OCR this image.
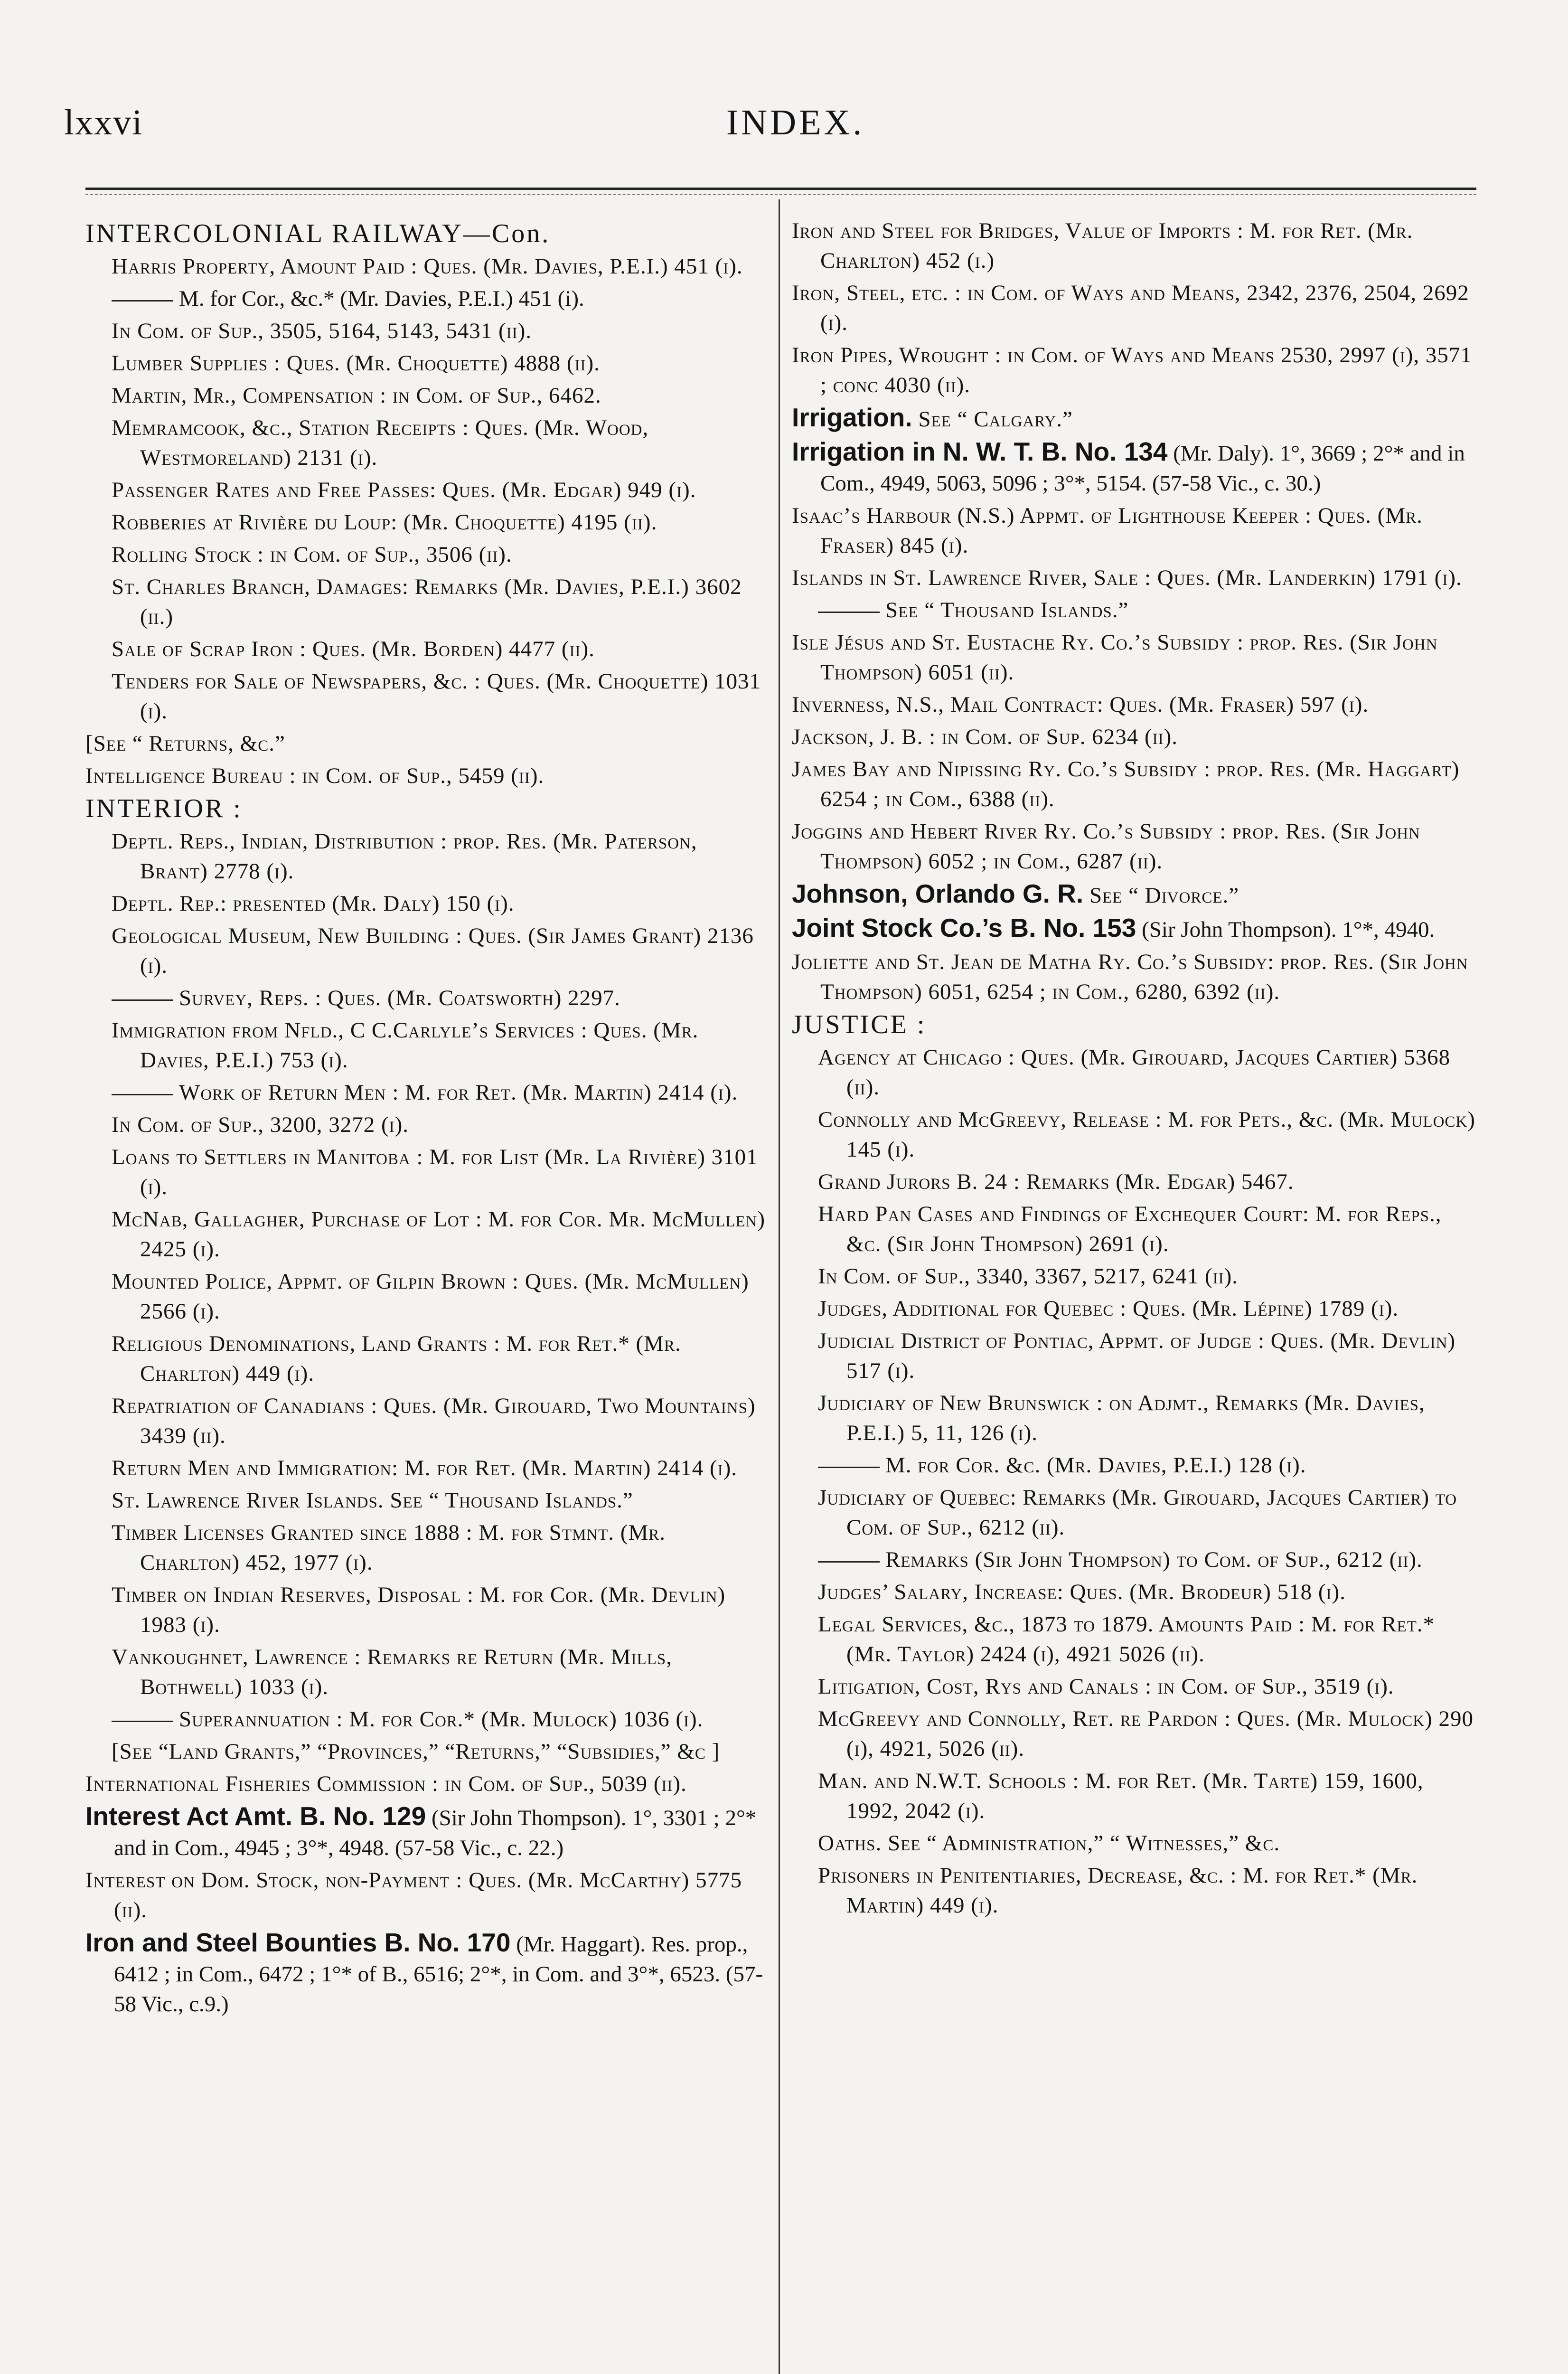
lxxvi	INDEX.

INTERCOLONIAL RAILWAY—Con.

Harris Property, Amount Paid : Ques. (Mr. Davies, P.E.I.) 451 (i).

M. for Cor., &c.* (Mr. Davies, P.E.I.) 451 (i).

In Com. of Sup., 3505, 5164, 5143, 5431 (ii).

Lumber Supplies : Ques. (Mr. Choquette) 4888 (ii).

Martin, Mr., Compensation : in Com. of Sup., 6462.

Memramcook, &c., Station Receipts : Ques. (Mr. Wood, Westmoreland) 2131 (i).

Passenger Rates and Free Passes: Ques. (Mr. Edgar) 949 (i).

Robberies at Rivière du Loup: (Mr. Choquette) 4195 (ii).

Rolling Stock : in Com. of Sup., 3506 (ii).

St. Charles Branch, Damages: Remarks (Mr. Davies, P.E.I.) 3602 (ii.)

Sale of Scrap Iron : Ques. (Mr. Borden) 4477 (ii).

Tenders for Sale of Newspapers, &c. : Ques. (Mr. Choquette) 1031 (i).

[See “ Returns, &c.”

Intelligence Bureau : in Com. of Sup., 5459 (ii).

INTERIOR :

Deptl. Reps., Indian, Distribution : prop. Res. (Mr. Paterson, Brant) 2778 (i).

Deptl. Rep.: presented (Mr. Daly) 150 (i).

Geological Museum, New Building : Ques. (Sir James Grant) 2136 (i).

Survey, Reps. : Ques. (Mr. Coatsworth) 2297.

Immigration from Nfld., C C.Carlyle’s Services : Ques. (Mr. Davies, P.E.I.) 753 (i).

Work of Return Men : M. for Ret. (Mr. Martin) 2414 (i).

In Com. of Sup., 3200, 3272 (i).

Loans to Settlers in Manitoba : M. for List (Mr. La Rivière) 3101 (i).

McNab, Gallagher, Purchase of Lot : M. for Cor. Mr. McMullen) 2425 (i).

Mounted Police, Appmt. of Gilpin Brown : Ques. (Mr. McMullen) 2566 (i).

Religious Denominations, Land Grants : M. for Ret.* (Mr. Charlton) 449 (i).

Repatriation of Canadians : Ques. (Mr. Girouard, Two Mountains) 3439 (ii).

Return Men and Immigration: M. for Ret. (Mr. Martin) 2414 (i).

St. Lawrence River Islands. See “ Thousand Islands.”

Timber Licenses Granted since 1888 : M. for Stmnt. (Mr. Charlton) 452, 1977 (i).

Timber on Indian Reserves, Disposal : M. for Cor. (Mr. Devlin) 1983 (i).

Vankoughnet, Lawrence : Remarks re Return (Mr. Mills, Bothwell) 1033 (i).

Superannuation : M. for Cor.* (Mr. Mulock) 1036 (i).

[See “Land Grants,” “Provinces,” “Returns,” “Subsidies,” &c ]

International Fisheries Commission : in Com. of Sup., 5039 (ii).

Interest Act Amt. B. No. 129 (Sir John Thompson). 1°, 3301 ; 2°* and in Com., 4945 ; 3°*, 4948. (57-58 Vic., c. 22.)

Interest on Dom. Stock, non-Payment : Ques. (Mr. McCarthy) 5775 (ii).

Iron and Steel Bounties B. No. 170 (Mr. Haggart). Res. prop., 6412 ; in Com., 6472 ; 1°* of B., 6516; 2°*, in Com. and 3°*, 6523. (57-58 Vic., c.9.)

Iron and Steel for Bridges, Value of Imports : M. for Ret. (Mr. Charlton) 452 (i.)

Iron, Steel, etc. : in Com. of Ways and Means, 2342, 2376, 2504, 2692 (i).

Iron Pipes, Wrought : in Com. of Ways and Means 2530, 2997 (i), 3571 ; conc 4030 (ii).

Irrigation. See “ Calgary.”

Irrigation in N. W. T. B. No. 134 (Mr. Daly). 1°, 3669 ; 2°* and in Com., 4949, 5063, 5096 ; 3°*, 5154. (57-58 Vic., c. 30.)

Isaac’s Harbour (N.S.) Appmt. of Lighthouse Keeper : Ques. (Mr. Fraser) 845 (i).

Islands in St. Lawrence River, Sale : Ques. (Mr. Landerkin) 1791 (i).

See “ Thousand Islands.”

Isle Jésus and St. Eustache Ry. Co.’s Subsidy : prop. Res. (Sir John Thompson) 6051 (ii).

Inverness, N.S., Mail Contract: Ques. (Mr. Fraser) 597 (i).

Jackson, J. B. : in Com. of Sup. 6234 (ii).

James Bay and Nipissing Ry. Co.’s Subsidy : prop. Res. (Mr. Haggart) 6254 ; in Com., 6388 (ii).

Joggins and Hebert River Ry. Co.’s Subsidy : prop. Res. (Sir John Thompson) 6052 ; in Com., 6287 (ii).

Johnson, Orlando G. R. See “ Divorce.”

Joint Stock Co.’s B. No. 153 (Sir John Thompson). 1°*, 4940.

Joliette and St. Jean de Matha Ry. Co.’s Subsidy: prop. Res. (Sir John Thompson) 6051, 6254 ; in Com., 6280, 6392 (ii).

JUSTICE :

Agency at Chicago : Ques. (Mr. Girouard, Jacques Cartier) 5368 (ii).

Connolly and McGreevy, Release : M. for Pets., &c. (Mr. Mulock) 145 (i).

Grand Jurors B. 24 : Remarks (Mr. Edgar) 5467.

Hard Pan Cases and Findings of Exchequer Court: M. for Reps., &c. (Sir John Thompson) 2691 (i).

In Com. of Sup., 3340, 3367, 5217, 6241 (ii).

Judges, Additional for Quebec : Ques. (Mr. Lépine) 1789 (i).

Judicial District of Pontiac, Appmt. of Judge : Ques. (Mr. Devlin) 517 (i).

Judiciary of New Brunswick : on Adjmt., Remarks (Mr. Davies, P.E.I.) 5, 11, 126 (i).

M. for Cor. &c. (Mr. Davies, P.E.I.) 128 (i).

Judiciary of Quebec: Remarks (Mr. Girouard, Jacques Cartier) to Com. of Sup., 6212 (ii).

Remarks (Sir John Thompson) to Com. of Sup., 6212 (ii).

Judges’ Salary, Increase: Ques. (Mr. Brodeur) 518 (i).

Legal Services, &c., 1873 to 1879. Amounts Paid : M. for Ret.* (Mr. Taylor) 2424 (i), 4921 5026 (ii).

Litigation, Cost, Rys and Canals : in Com. of Sup., 3519 (i).

McGreevy and Connolly, Ret. re Pardon : Ques. (Mr. Mulock) 290 (i), 4921, 5026 (ii).

Man. and N.W.T. Schools : M. for Ret. (Mr. Tarte) 159, 1600, 1992, 2042 (i).

Oaths. See “ Administration,” “ Witnesses,” &c.

Prisoners in Penitentiaries, Decrease, &c. : M. for Ret.* (Mr. Martin) 449 (i).
